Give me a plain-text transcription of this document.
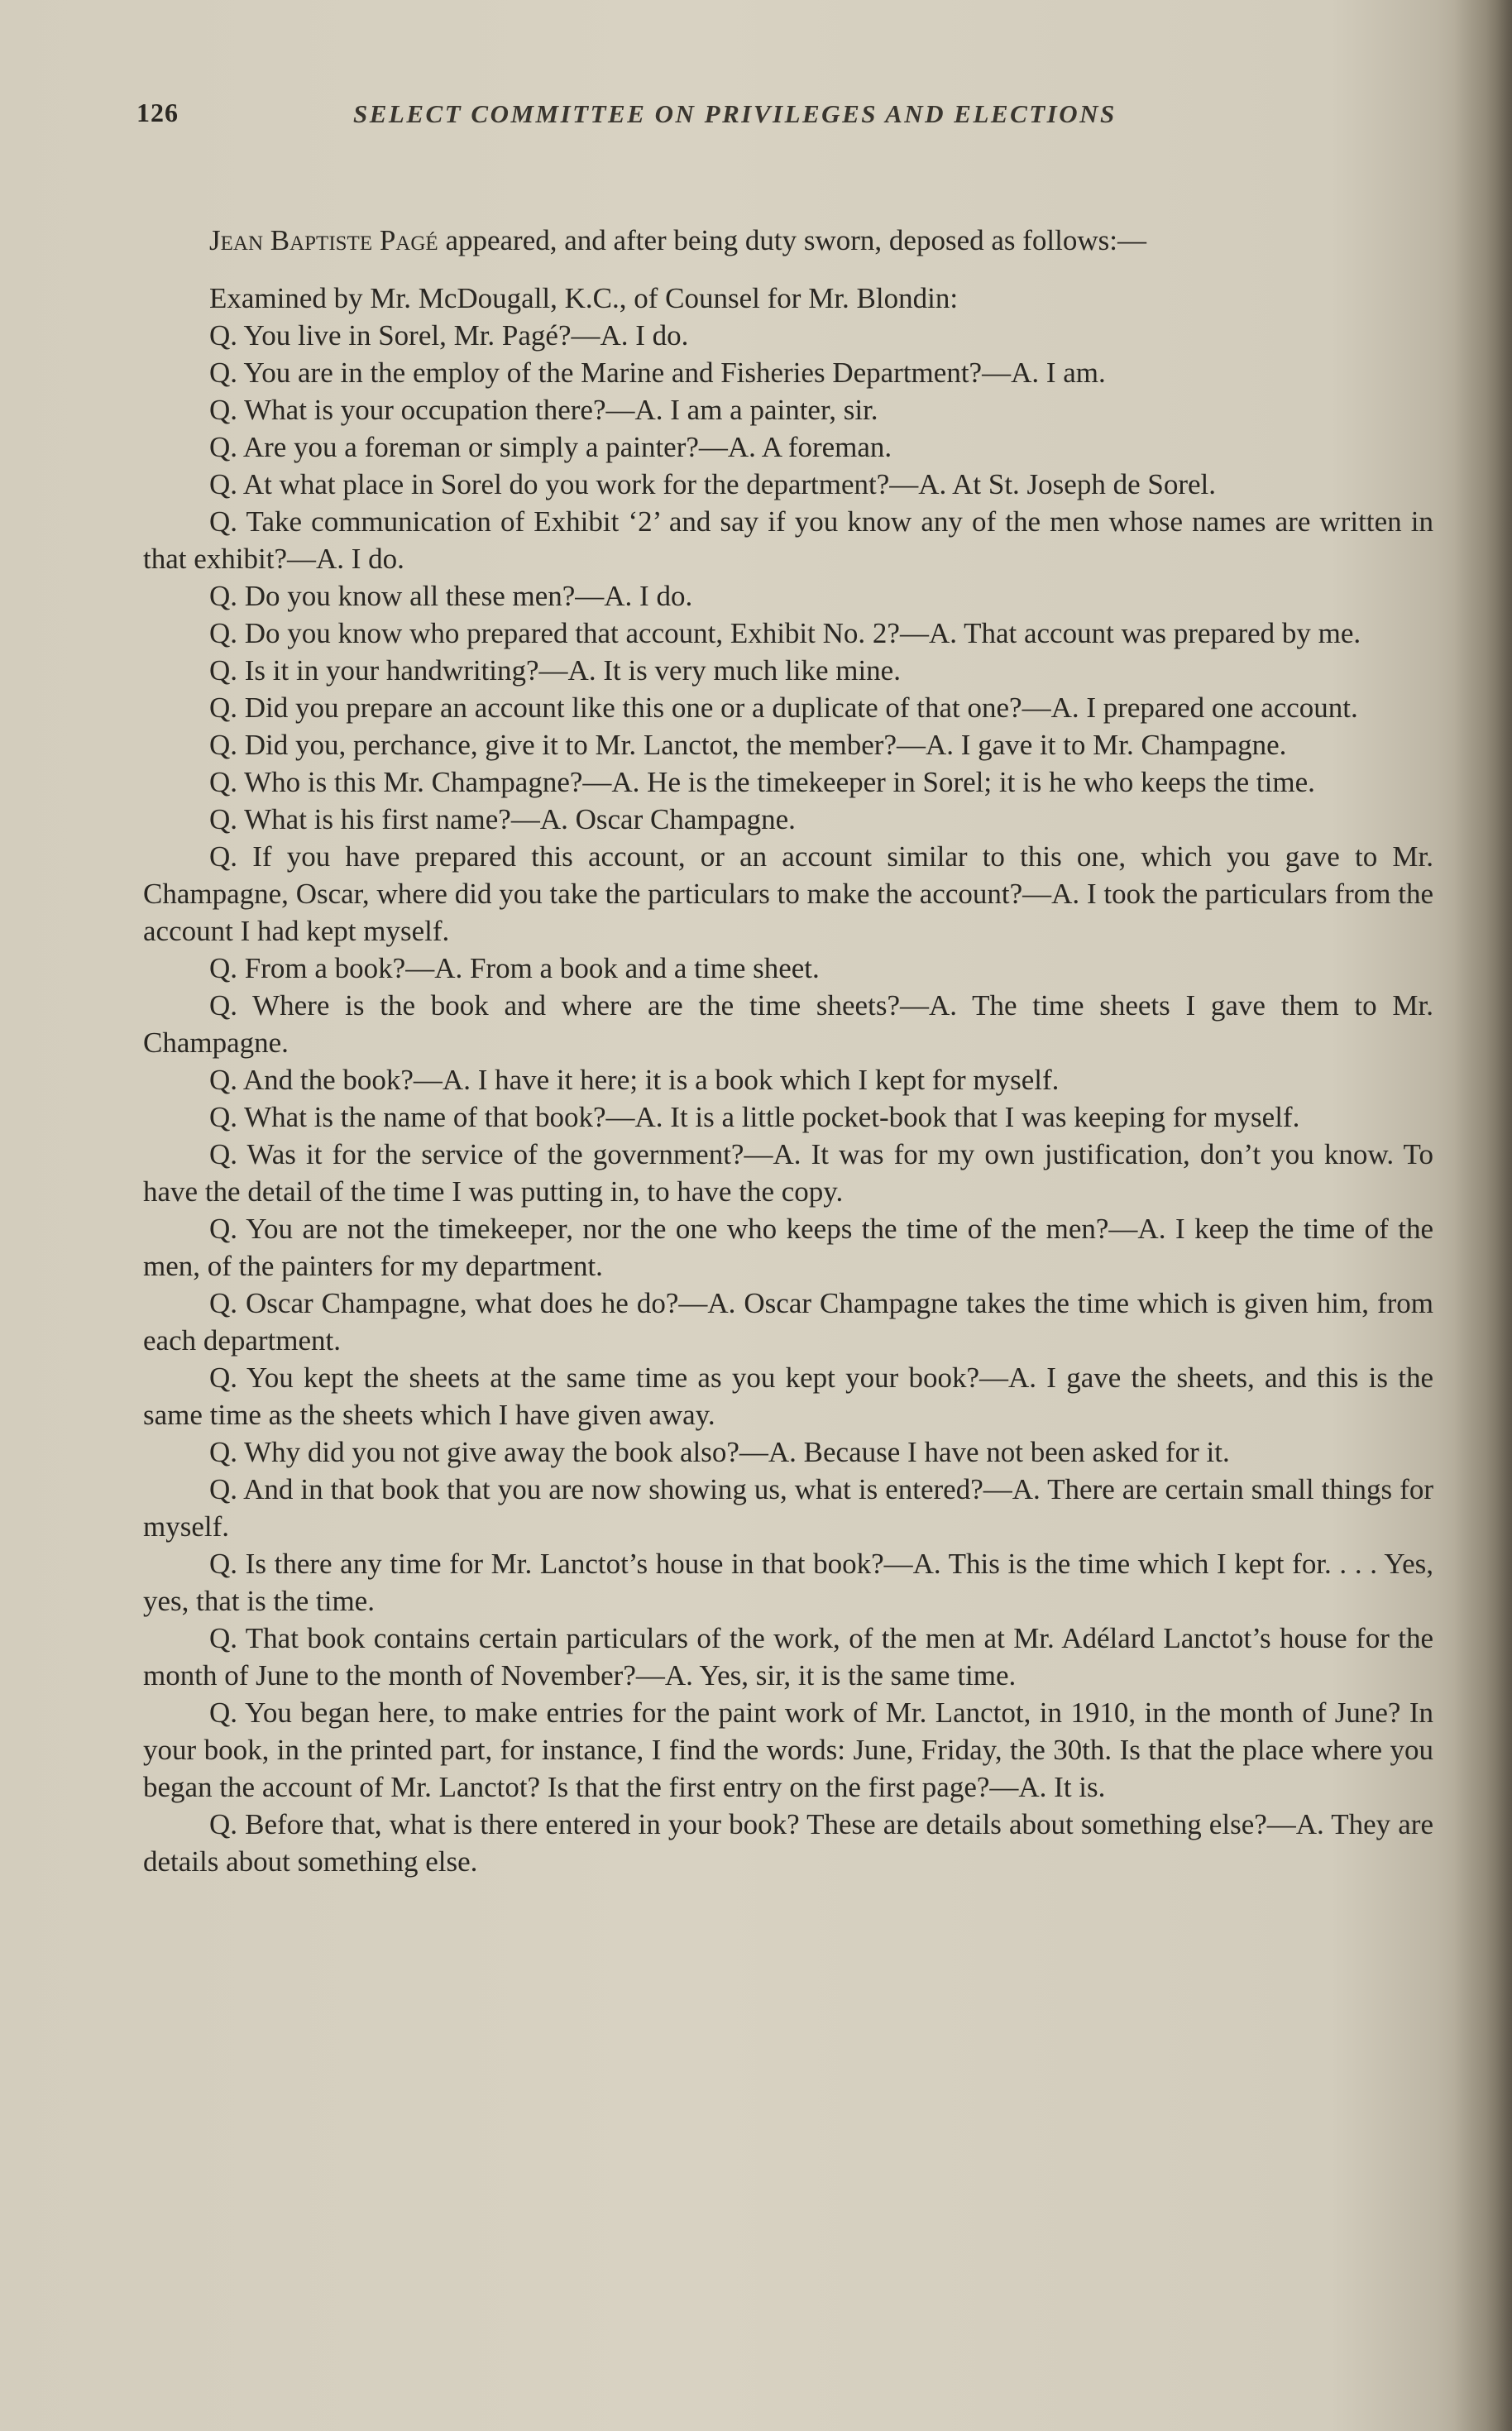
126	SELECT COMMITTEE ON PRIVILEGES AND ELECTIONS

Jean Baptiste Pagé appeared, and after being duty sworn, deposed as follows:—

Examined by Mr. McDougall, K.C., of Counsel for Mr. Blondin:

Q. You live in Sorel, Mr. Pagé?—A. I do.

Q. You are in the employ of the Marine and Fisheries Department?—A. I am.

Q. What is your occupation there?—A. I am a painter, sir.

Q. Are you a foreman or simply a painter?—A. A foreman.

Q. At what place in Sorel do you work for the department?—A. At St. Joseph de Sorel.

Q. Take communication of Exhibit ‘2’ and say if you know any of the men whose names are written in that exhibit?—A. I do.

Q. Do you know all these men?—A. I do.

Q. Do you know who prepared that account, Exhibit No. 2?—A. That account was prepared by me.

Q. Is it in your handwriting?—A. It is very much like mine.

Q. Did you prepare an account like this one or a duplicate of that one?—A. I prepared one account.

Q. Did you, perchance, give it to Mr. Lanctot, the member?—A. I gave it to Mr. Champagne.

Q. Who is this Mr. Champagne?—A. He is the timekeeper in Sorel; it is he who keeps the time.

Q. What is his first name?—A. Oscar Champagne.

Q. If you have prepared this account, or an account similar to this one, which you gave to Mr. Champagne, Oscar, where did you take the particulars to make the account?—A. I took the particulars from the account I had kept myself.

Q. From a book?—A. From a book and a time sheet.

Q. Where is the book and where are the time sheets?—A. The time sheets I gave them to Mr. Champagne.

Q. And the book?—A. I have it here; it is a book which I kept for myself.

Q. What is the name of that book?—A. It is a little pocket-book that I was keeping for myself.

Q. Was it for the service of the government?—A. It was for my own justification, don’t you know. To have the detail of the time I was putting in, to have the copy.

Q. You are not the timekeeper, nor the one who keeps the time of the men?—A. I keep the time of the men, of the painters for my department.

Q. Oscar Champagne, what does he do?—A. Oscar Champagne takes the time which is given him, from each department.

Q. You kept the sheets at the same time as you kept your book?—A. I gave the sheets, and this is the same time as the sheets which I have given away.

Q. Why did you not give away the book also?—A. Because I have not been asked for it.

Q. And in that book that you are now showing us, what is entered?—A. There are certain small things for myself.

Q. Is there any time for Mr. Lanctot’s house in that book?—A. This is the time which I kept for. . . . Yes, yes, that is the time.

Q. That book contains certain particulars of the work, of the men at Mr. Adélard Lanctot’s house for the month of June to the month of November?—A. Yes, sir, it is the same time.

Q. You began here, to make entries for the paint work of Mr. Lanctot, in 1910, in the month of June? In your book, in the printed part, for instance, I find the words: June, Friday, the 30th. Is that the place where you began the account of Mr. Lanctot? Is that the first entry on the first page?—A. It is.

Q. Before that, what is there entered in your book? These are details about something else?—A. They are details about something else.
